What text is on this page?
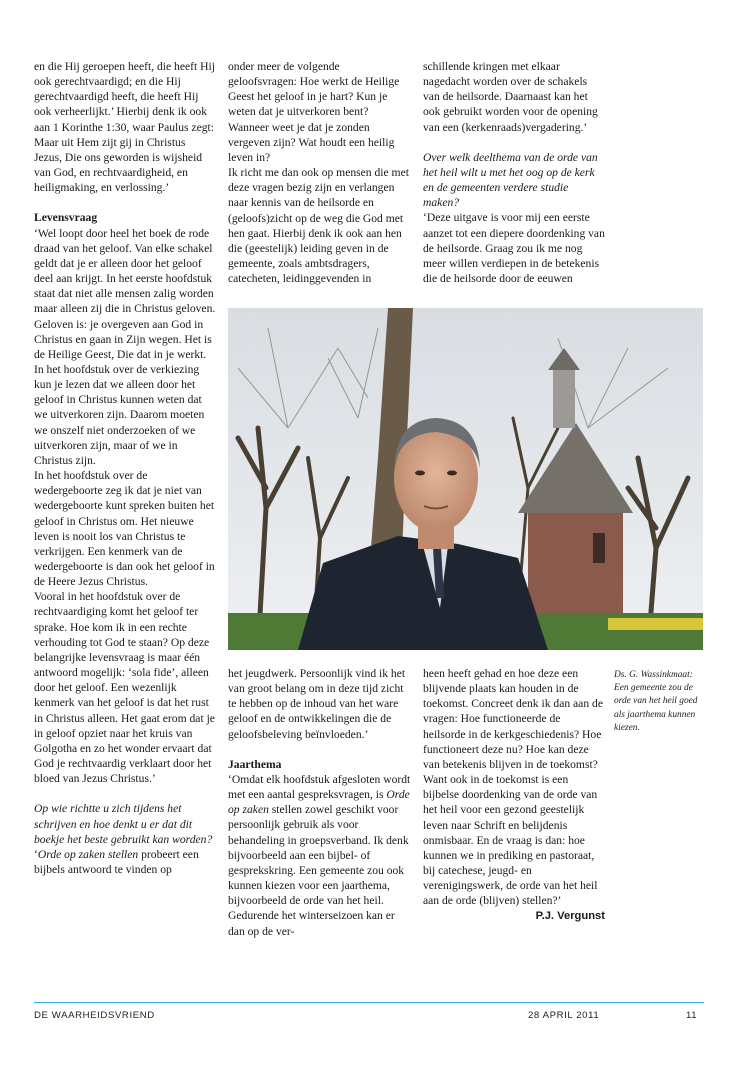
en die Hij geroepen heeft, die heeft Hij ook gerechtvaardigd; en die Hij gerechtvaardigd heeft, die heeft Hij ook verheerlijkt.’ Hierbij denk ik ook aan 1 Korinthe 1:30, waar Paulus zegt: Maar uit Hem zijt gij in Christus Jezus, Die ons geworden is wijsheid van God, en rechtvaardigheid, en heiligmaking, en verlossing.’

Levensvraag

‘Wel loopt door heel het boek de rode draad van het geloof. Van elke schakel geldt dat je er alleen door het geloof deel aan krijgt. In het eerste hoofdstuk staat dat niet alle mensen zalig worden maar alleen zij die in Christus geloven. Geloven is: je overgeven aan God in Christus en gaan in Zijn wegen. Het is de Heilige Geest, Die dat in je werkt.

In het hoofdstuk over de verkiezing kun je lezen dat we alleen door het geloof in Christus kunnen weten dat we uitverkoren zijn. Daarom moeten we onszelf niet onderzoeken of we uitverkoren zijn, maar of we in Christus zijn.

In het hoofdstuk over de wedergeboorte zeg ik dat je niet van wedergeboorte kunt spreken buiten het geloof in Christus om. Het nieuwe leven is nooit los van Christus te verkrijgen. Een kenmerk van de wedergeboorte is dan ook het geloof in de Heere Jezus Christus.

Vooral in het hoofdstuk over de rechtvaardiging komt het geloof ter sprake. Hoe kom ik in een rechte verhouding tot God te staan? Op deze belangrijke levensvraag is maar één antwoord mogelijk: ‘sola fide’, alleen door het geloof. Een wezenlijk kenmerk van het geloof is dat het rust in Christus alleen. Het gaat erom dat je in geloof opziet naar het kruis van Golgotha en zo het wonder ervaart dat God je rechtvaardig verklaart door het bloed van Jezus Christus.’

Op wie richtte u zich tijdens het schrijven en hoe denkt u er dat dit boekje het beste gebruikt kan worden?

‘Orde op zaken stellen probeert een bijbels antwoord te vinden op

onder meer de volgende geloofsvragen: Hoe werkt de Heilige Geest het geloof in je hart? Kun je weten dat je uitverkoren bent? Wanneer weet je dat je zonden vergeven zijn? Wat houdt een heilig leven in?

Ik richt me dan ook op mensen die met deze vragen bezig zijn en verlangen naar kennis van de heilsorde en (geloofs)zicht op de weg die God met hen gaat. Hierbij denk ik ook aan hen die (geestelijk) leiding geven in de gemeente, zoals ambtsdragers, catecheten, leidinggevenden in

schillende kringen met elkaar nagedacht worden over de schakels van de heilsorde. Daarnaast kan het ook gebruikt worden voor de opening van een (kerkenraads)vergadering.’

Over welk deelthema van de orde van het heil wilt u met het oog op de kerk en de gemeenten verdere studie maken?

‘Deze uitgave is voor mij een eerste aanzet tot een diepere doordenking van de heilsorde. Graag zou ik me nog meer willen verdiepen in de betekenis die de heilsorde door de eeuwen

het jeugdwerk. Persoonlijk vind ik het van groot belang om in deze tijd zicht te hebben op de inhoud van het ware geloof en de ontwikkelingen die de geloofsbeleving beïnvloeden.’

Jaarthema

‘Omdat elk hoofdstuk afgesloten wordt met een aantal gespreksvragen, is Orde op zaken stellen zowel geschikt voor persoonlijk gebruik als voor behandeling in groepsverband. Ik denk bijvoorbeeld aan een bijbel- of gesprekskring. Een gemeente zou ook kunnen kiezen voor een jaarthema, bijvoorbeeld de orde van het heil. Gedurende het winterseizoen kan er dan op de ver-

heen heeft gehad en hoe deze een blijvende plaats kan houden in de toekomst. Concreet denk ik dan aan de vragen: Hoe functioneerde de heilsorde in de kerkgeschiedenis? Hoe functioneert deze nu? Hoe kan deze van betekenis blijven in de toekomst? Want ook in de toekomst is een bijbelse doordenking van de orde van het heil voor een gezond geestelijk leven naar Schrift en belijdenis onmisbaar. En de vraag is dan: hoe kunnen we in prediking en pastoraat, bij catechese, jeugd- en verenigingswerk, de orde van het heil aan de orde (blijven) stellen?’

P.J. Vergunst

Ds. G. Wassinkmaat: Een gemeente zou de orde van het heil goed als jaarthema kunnen kiezen.
DE WAARHEIDSVRIEND	28 APRIL 2011	11
